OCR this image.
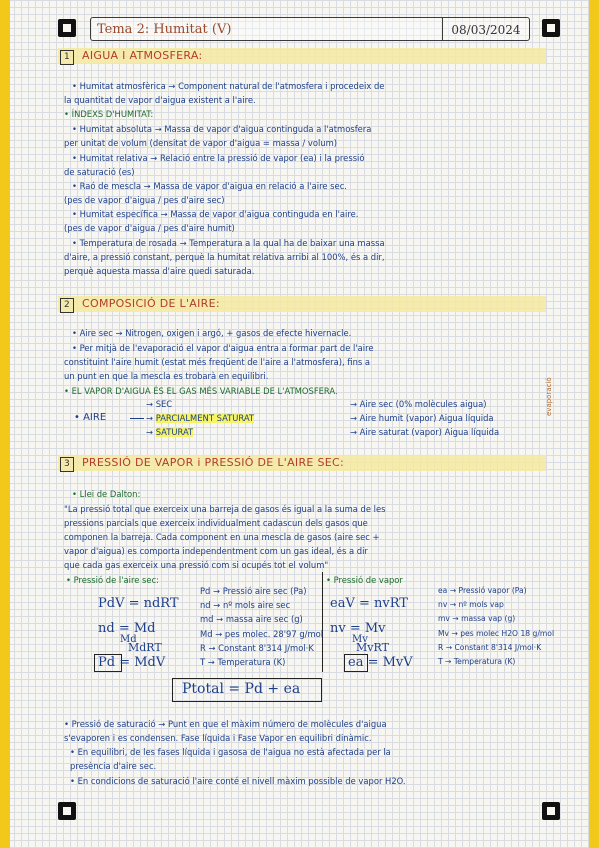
Tema 2: Humitat (V)	08/03/2024
1 AIGUA I ATMOSFERA:
• Humitat atmosfèrica → Component natural de l'atmosfera i procedeix de
la quantitat de vapor d'aigua existent a l'aire.
• ÍNDEXS D'HUMITAT:
• Humitat absoluta → Massa de vapor d'aigua continguda a l'atmosfera
per unitat de volum (densitat de vapor d'aigua = massa / volum)
• Humitat relativa → Relació entre la pressió de vapor (ea) i la pressió
de saturació (es)
• Raó de mescla → Massa de vapor d'aigua en relació a l'aire sec.
(pes de vapor d'aigua / pes d'aire sec)
• Humitat específica → Massa de vapor d'aigua continguda en l'aire.
(pes de vapor d'aigua / pes d'aire humit)
• Temperatura de rosada → Temperatura a la qual ha de baixar una massa
d'aire, a pressió constant, perquè la humitat relativa arribi al 100%, és a dir,
perquè aquesta massa d'aire quedi saturada.
2 COMPOSICIÓ DE L'AIRE:
• Aire sec → Nitrogen, oxigen i argó, + gasos de efecte hivernacle.
• Per mitjà de l'evaporació el vapor d'aigua entra a formar part de l'aire
constituint l'aire humit (estat més freqüent de l'aire a l'atmosfera), fins a
un punt en que la mescla es trobarà en equilibri.
• EL VAPOR D'AIGUA ÉS EL GAS MÉS VARIABLE DE L'ATMOSFERA.
• AIRE
→ SEC
→ PARCIALMENT SATURAT
→ SATURAT
→ Aire sec (0% molècules aigua)
→ Aire humit (vapor) Aigua líquida
→ Aire saturat (vapor) Aigua líquida
evaporació
3 PRESSIÓ DE VAPOR i PRESSIÓ DE L'AIRE SEC:
• Llei de Dalton:
"La pressió total que exerceix una barreja de gasos és igual a la suma de les
pressions parcials que exerceix individualment cadascun dels gasos que
componen la barreja. Cada component en una mescla de gasos (aire sec +
vapor d'aigua) es comporta independentment com un gas ideal, és a dir
que cada gas exerceix una pressió com si ocupés tot el volum"
• Pressió de l'aire sec:	• Pressió de vapor
PdV = ndRT
nd = Md
Md
MdRT
Pd = MdV
Pd → Pressió aire sec (Pa)
nd → nº mols aire sec
md → massa aire sec (g)
Md → pes molec. 28'97 g/mol
R → Constant 8'314 J/mol·K
T → Temperatura (K)
eaV = nvRT
nv = Mv
Mv
MvRT
ea = MvV
ea → Pressió vapor (Pa)
nv → nº mols vap
mv → massa vap (g)
Mv → pes molec H2O 18 g/mol
R → Constant 8'314 J/mol·K
T → Temperatura (K)
Ptotal = Pd + ea
• Pressió de saturació → Punt en que el màxim número de molècules d'aigua
s'evaporen i es condensen. Fase líquida i Fase Vapor en equilibri dinàmic.
• En equilibri, de les fases líquida i gasosa de l'aigua no està afectada per la
presència d'aire sec.
• En condicions de saturació l'aire conté el nivell màxim possible de vapor H2O.
